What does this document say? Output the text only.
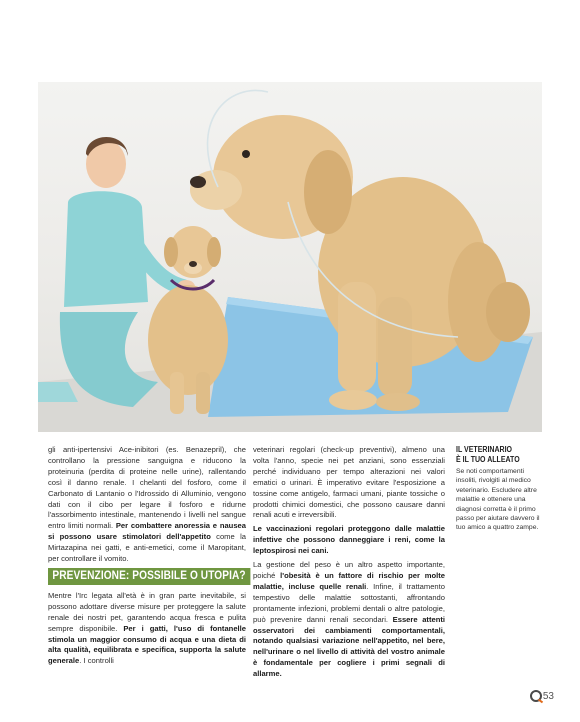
gli anti-ipertensivi Ace-inibitori (es. Benazepril), che controllano la pressione sanguigna e riducono la proteinuria (perdita di proteine nelle urine), rallentando così il danno renale. I chelanti del fosforo, come il Carbonato di Lantanio o l'Idrossido di Alluminio, vengono dati con il cibo per legare il fosforo e ridurne l'assorbimento intestinale, mantenendo i livelli nel sangue entro limiti normali. Per combattere anoressia e nausea si possono usare stimolatori dell'appetito come la Mirtazapina nei gatti, e anti-emetici, come il Maropitant, per controllare il vomito.

PREVENZIONE: POSSIBILE O UTOPIA?

Mentre l'Irc legata all'età è in gran parte inevitabile, si possono adottare diverse misure per proteggere la salute renale dei nostri pet, garantendo acqua fresca e pulita sempre disponibile. Per i gatti, l'uso di fontanelle stimola un maggior consumo di acqua e una dieta di alta qualità, equilibrata e specifica, supporta la salute generale. I controlli

veterinari regolari (check-up preventivi), almeno una volta l'anno, specie nei pet anziani, sono essenziali perché individuano per tempo alterazioni nei valori ematici o urinari. È imperativo evitare l'esposizione a tossine come antigelo, farmaci umani, piante tossiche o prodotti chimici domestici, che possono causare danni renali acuti e irreversibili.

Le vaccinazioni regolari proteggono dalle malattie infettive che possono danneggiare i reni, come la leptospirosi nei cani.

La gestione del peso è un altro aspetto importante, poiché l'obesità è un fattore di rischio per molte malattie, incluse quelle renali. Infine, il trattamento tempestivo delle malattie sottostanti, affrontando prontamente infezioni, problemi dentali o altre patologie, può prevenire danni renali secondari. Essere attenti osservatori dei cambiamenti comportamentali, notando qualsiasi variazione nell'appetito, nel bere, nell'urinare o nel livello di attività del vostro animale è fondamentale per cogliere i primi segnali di allarme.

IL VETERINARIO
È IL TUO ALLEATO
Se noti comportamenti insoliti, rivolgiti al medico veterinario. Escludere altre malattie e ottenere una diagnosi corretta è il primo passo per aiutare davvero il tuo amico a quattro zampe.
53
